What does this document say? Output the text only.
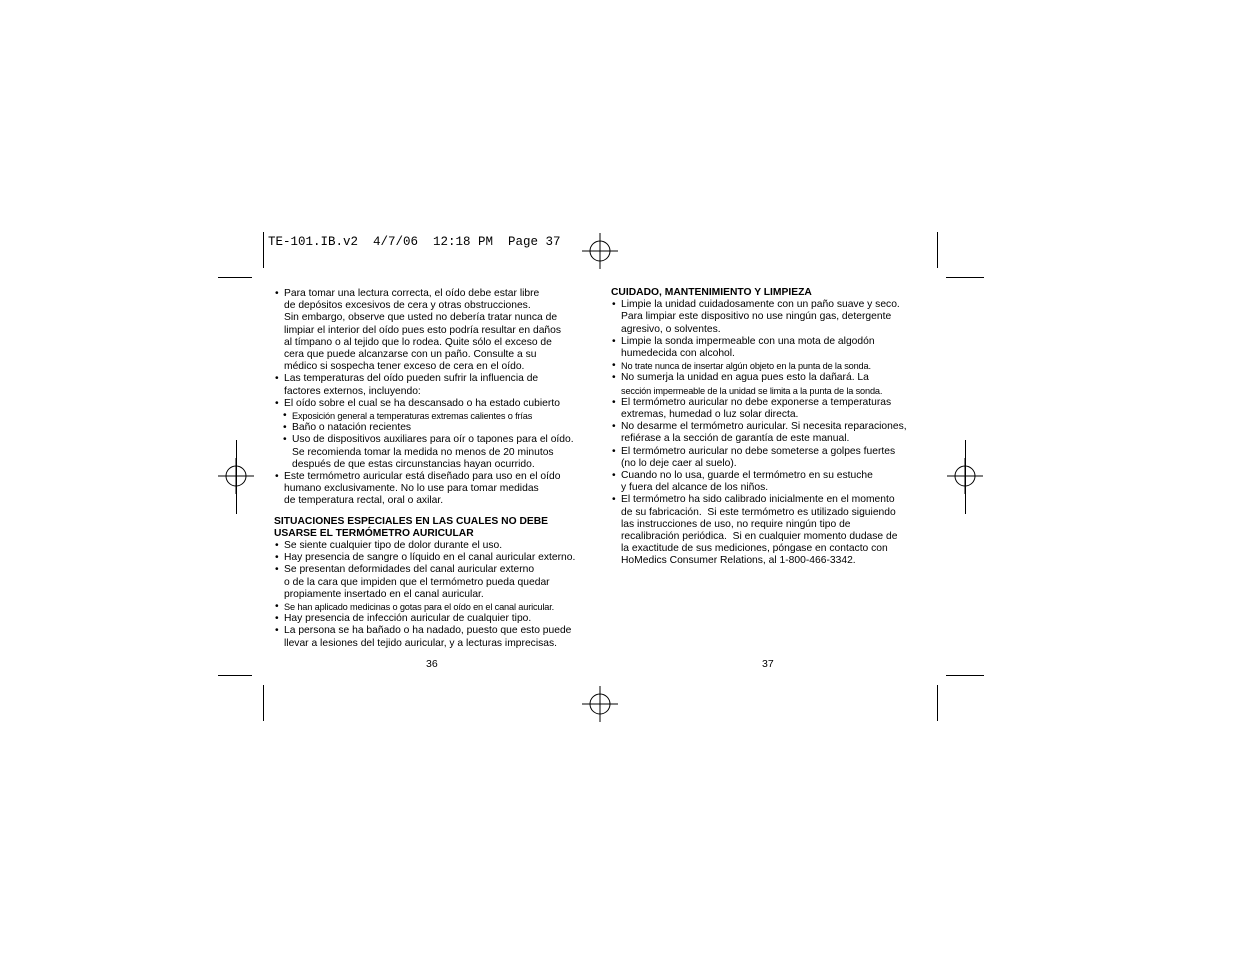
TE-101.IB.v2  4/7/06  12:18 PM  Page 37
• Para tomar una lectura correcta, el oído debe estar libre
de depósitos excesivos de cera y otras obstrucciones.
Sin embargo, observe que usted no debería tratar nunca de
limpiar el interior del oído pues esto podría resultar en daños
al tímpano o al tejido que lo rodea. Quite sólo el exceso de
cera que puede alcanzarse con un paño. Consulte a su
médico si sospecha tener exceso de cera en el oído.
• Las temperaturas del oído pueden sufrir la influencia de
factores externos, incluyendo:
• El oído sobre el cual se ha descansado o ha estado cubierto
• Exposición general a temperaturas extremas calientes o frías
• Baño o natación recientes
• Uso de dispositivos auxiliares para oír o tapones para el oído.
Se recomienda tomar la medida no menos de 20 minutos
después de que estas circunstancias hayan ocurrido.
• Este termómetro auricular está diseñado para uso en el oído
humano exclusivamente. No lo use para tomar medidas
de temperatura rectal, oral o axilar.
SITUACIONES ESPECIALES EN LAS CUALES NO DEBE
USARSE EL TERMÓMETRO AURICULAR
• Se siente cualquier tipo de dolor durante el uso.
• Hay presencia de sangre o líquido en el canal auricular externo.
• Se presentan deformidades del canal auricular externo
o de la cara que impiden que el termómetro pueda quedar
propiamente insertado en el canal auricular.
• Se han aplicado medicinas o gotas para el oído en el canal auricular.
• Hay presencia de infección auricular de cualquier tipo.
• La persona se ha bañado o ha nadado, puesto que esto puede
llevar a lesiones del tejido auricular, y a lecturas imprecisas.
36
CUIDADO, MANTENIMIENTO Y LIMPIEZA
• Limpie la unidad cuidadosamente con un paño suave y seco.
Para limpiar este dispositivo no use ningún gas, detergente
agresivo, o solventes.
• Limpie la sonda impermeable con una mota de algodón
humedecida con alcohol.
• No trate nunca de insertar algún objeto en la punta de la sonda.
• No sumerja la unidad en agua pues esto la dañará. La
sección impermeable de la unidad se limita a la punta de la sonda.
• El termómetro auricular no debe exponerse a temperaturas
extremas, humedad o luz solar directa.
• No desarme el termómetro auricular. Si necesita reparaciones,
refiérase a la sección de garantía de este manual.
• El termómetro auricular no debe someterse a golpes fuertes
(no lo deje caer al suelo).
• Cuando no lo usa, guarde el termómetro en su estuche
y fuera del alcance de los niños.
• El termómetro ha sido calibrado inicialmente en el momento
de su fabricación.  Si este termómetro es utilizado siguiendo
las instrucciones de uso, no require ningún tipo de
recalibración periódica.  Si en cualquier momento dudase de
la exactitude de sus mediciones, póngase en contacto con
HoMedics Consumer Relations, al 1-800-466-3342.
37
